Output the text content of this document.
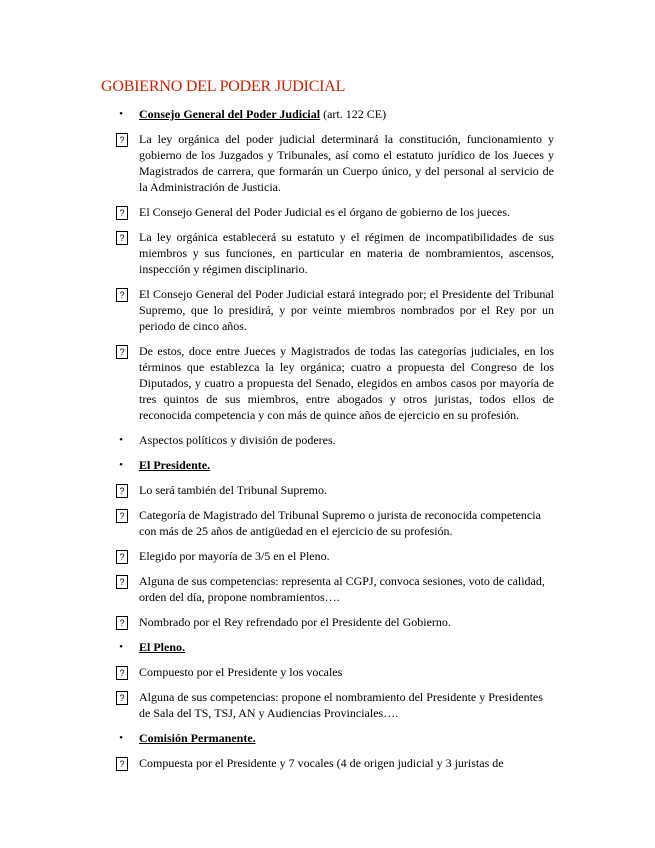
GOBIERNO DEL PODER JUDICIAL
•	Consejo General del Poder Judicial (art. 122 CE)
? La ley orgánica del poder judicial determinará la constitución, funcionamiento y gobierno de los Juzgados y Tribunales, así como el estatuto jurídico de los Jueces y Magistrados de carrera, que formarán un Cuerpo único, y del personal al servicio de la Administración de Justicia.
? El Consejo General del Poder Judicial es el órgano de gobierno de los jueces.
? La ley orgánica establecerá su estatuto y el régimen de incompatibilidades de sus miembros y sus funciones, en particular en materia de nombramientos, ascensos, inspección y régimen disciplinario.
? El Consejo General del Poder Judicial estará integrado por; el Presidente del Tribunal Supremo, que lo presidirá, y por veinte miembros nombrados por el Rey por un periodo de cinco años.
? De estos, doce entre Jueces y Magistrados de todas las categorías judiciales, en los términos que establezca la ley orgánica; cuatro a propuesta del Congreso de los Diputados, y cuatro a propuesta del Senado, elegidos en ambos casos por mayoría de tres quintos de sus miembros, entre abogados y otros juristas, todos ellos de reconocida competencia y con más de quince años de ejercicio en su profesión.
•	Aspectos políticos y división de poderes.
•	El Presidente.
? Lo será también del Tribunal Supremo.
? Categoría de Magistrado del Tribunal Supremo o jurista de reconocida competencia con más de 25 años de antigüedad en el ejercicio de su profesión.
? Elegido por mayoría de 3/5 en el Pleno.
? Alguna de sus competencias: representa al CGPJ, convoca sesiones, voto de calidad, orden del día, propone nombramientos….
? Nombrado por el Rey refrendado por el Presidente del Gobierno.
•	El Pleno.
? Compuesto por el Presidente y los vocales
? Alguna de sus competencias: propone el nombramiento del Presidente y Presidentes de Sala del TS, TSJ, AN y Audiencias Provinciales….
•	Comisión Permanente.
? Compuesta por el Presidente y 7 vocales (4 de origen judicial y 3 juristas de
